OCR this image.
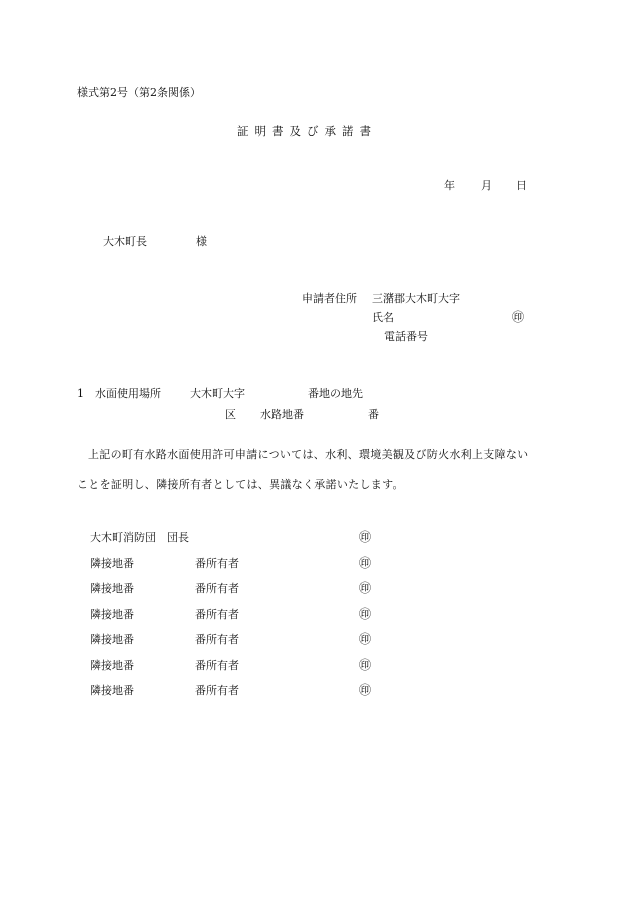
様式第2号（第2条関係）
証明書及び承諾書
年 月 日
大木町長	様
申請者住所 三潴郡大木町大字
氏名	㊞
電話番号
1 水面使用場所	大木町大字	番地の地先
区 水路地番	番
上記の町有水路水面使用許可申請については、水利、環境美観及び防火水利上支障ない
ことを証明し、隣接所有者としては、異議なく承諾いたします。
大木町消防団　団長	㊞
隣接地番	番所有者	㊞
隣接地番	番所有者	㊞
隣接地番	番所有者	㊞
隣接地番	番所有者	㊞
隣接地番	番所有者	㊞
隣接地番	番所有者	㊞
